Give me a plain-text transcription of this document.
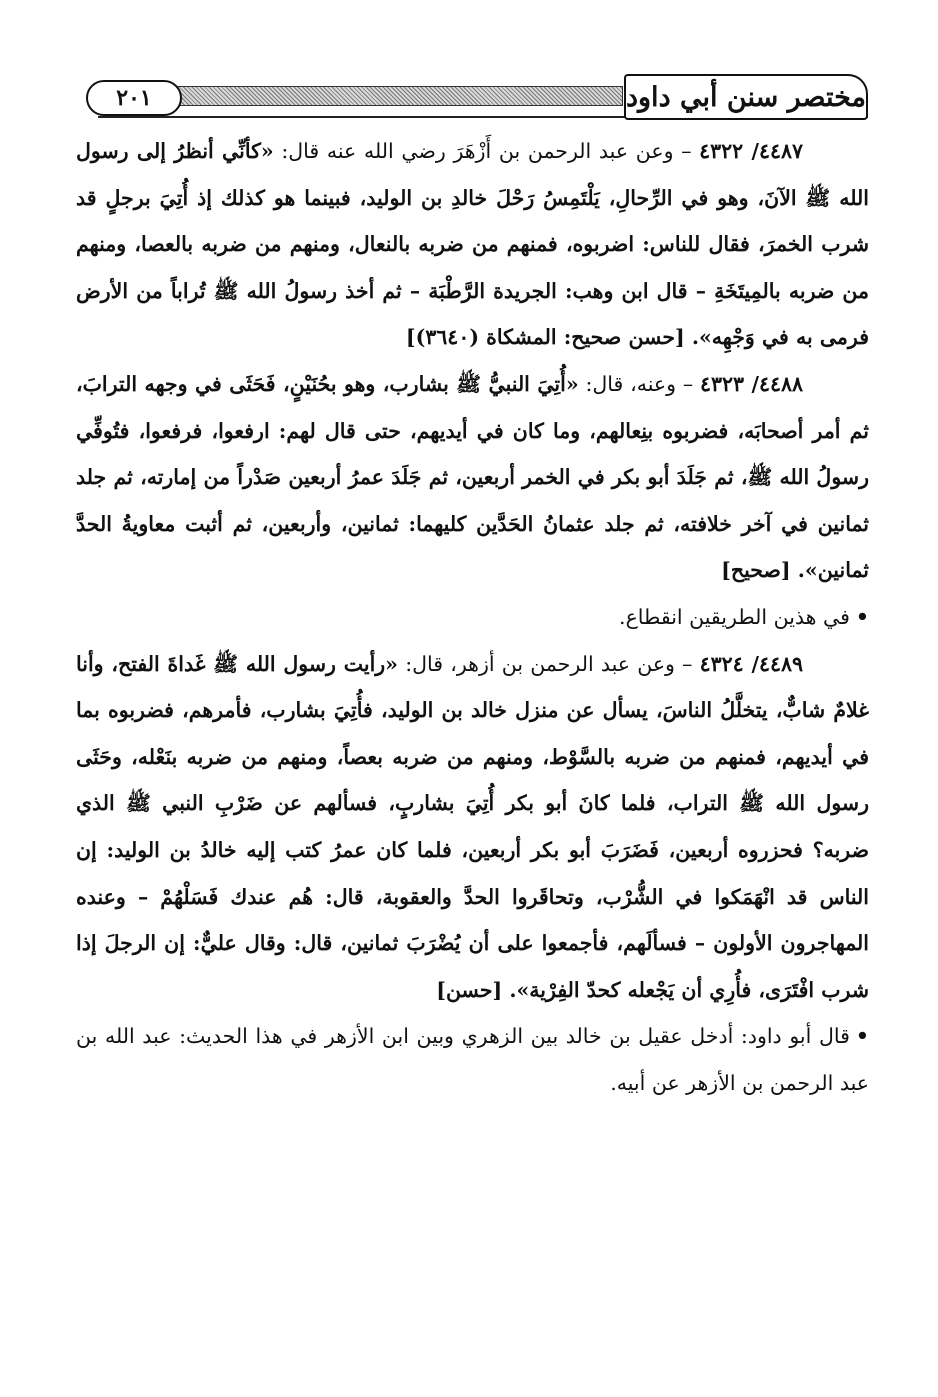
٢٠١	مختصر سنن أبي داود

٤٤٨٧/ ٤٣٢٢ – وعن عبد الرحمن بن أَزْهَرَ رضي الله عنه قال: «كأنِّي أنظرُ إلى رسول الله ﷺ الآنَ، وهو في الرِّحالِ، يَلْتَمِسُ رَحْلَ خالدِ بن الوليد، فبينما هو كذلك إذ أُتِيَ برجلٍ قد شرب الخمرَ، فقال للناس: اضربوه، فمنهم من ضربه بالنعال، ومنهم من ضربه بالعصا، ومنهم من ضربه بالمِيتَخَةِ – قال ابن وهب: الجريدة الرَّطْبَة – ثم أخذ رسولُ الله ﷺ تُراباً من الأرض فرمى به في وَجْهِه». [حسن صحيح: المشكاة (٣٦٤٠)]

٤٤٨٨/ ٤٣٢٣ – وعنه، قال: «أُتِيَ النبيُّ ﷺ بشارب، وهو بحُنَيْنٍ، فَحَثَى في وجهه الترابَ، ثم أمر أصحابَه، فضربوه بنِعالهم، وما كان في أيديهم، حتى قال لهم: ارفعوا، فرفعوا، فتُوفِّي رسولُ الله ﷺ، ثم جَلَدَ أبو بكر في الخمر أربعين، ثم جَلَدَ عمرُ أربعين صَدْراً من إمارته، ثم جلد ثمانين في آخر خلافته، ثم جلد عثمانُ الحَدَّين كليهما: ثمانين، وأربعين، ثم أثبت معاويةُ الحدَّ ثمانين». [صحيح]

•في هذين الطريقين انقطاع.

٤٤٨٩/ ٤٣٢٤ – وعن عبد الرحمن بن أزهر، قال: «رأيت رسول الله ﷺ غَداةَ الفتح، وأنا غلامٌ شابٌّ، يتخلَّلُ الناسَ، يسأل عن منزل خالد بن الوليد، فأُتِيَ بشارب، فأمرهم، فضربوه بما في أيديهم، فمنهم من ضربه بالسَّوْط، ومنهم من ضربه بعصاً، ومنهم من ضربه بنَعْله، وحَثَى رسول الله ﷺ التراب، فلما كانَ أبو بكر أُتِيَ بشاربٍ، فسألهم عن ضَرْبِ النبي ﷺ الذي ضربه؟ فحزروه أربعين، فَضَرَبَ أبو بكر أربعين، فلما كان عمرُ كتب إليه خالدُ بن الوليد: إن الناس قد انْهَمَكوا في الشُّرْب، وتحاقَروا الحدَّ والعقوبة، قال: هُم عندك فَسَلْهُمْ – وعنده المهاجرون الأولون – فسألَهم، فأجمعوا على أن يُضْرَبَ ثمانين، قال: وقال عليٌّ: إن الرجلَ إذا شرب افْتَرَى، فأُرِي أن يَجْعله كحدّ الفِرْية». [حسن]

•قال أبو داود: أدخل عقيل بن خالد بين الزهري وبين ابن الأزهر في هذا الحديث: عبد الله بن عبد الرحمن بن الأزهر عن أبيه.
